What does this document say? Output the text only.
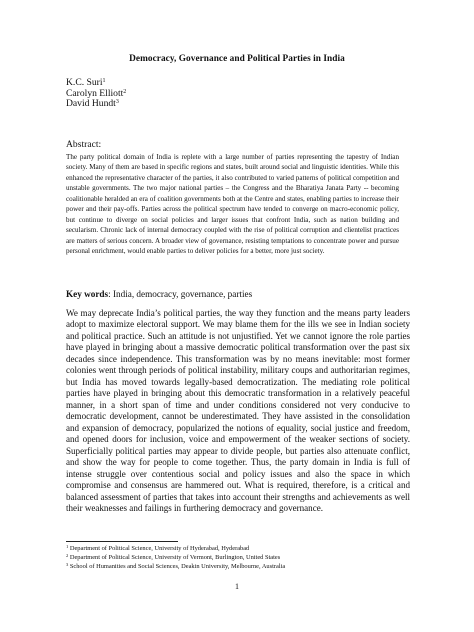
Democracy, Governance and Political Parties in India
K.C. Suri$^1$
Carolyn Elliott$^2$
David Hundt$^3$
Abstract:
The party political domain of India is replete with a large number of parties representing the tapestry of Indian society. Many of them are based in specific regions and states, built around social and linguistic identities. While this enhanced the representative character of the parties, it also contributed to varied patterns of political competition and unstable governments. The two major national parties – the Congress and the Bharatiya Janata Party -- becoming coalitionable heralded an era of coalition governments both at the Centre and states, enabling parties to increase their power and their pay-offs. Parties across the political spectrum have tended to converge on macro-economic policy, but continue to diverge on social policies and larger issues that confront India, such as nation building and secularism. Chronic lack of internal democracy coupled with the rise of political corruption and clientelist practices are matters of serious concern. A broader view of governance, resisting temptations to concentrate power and pursue personal enrichment, would enable parties to deliver policies for a better, more just society.
Key words: India, democracy, governance, parties
We may deprecate India’s political parties, the way they function and the means party leaders adopt to maximize electoral support. We may blame them for the ills we see in Indian society and political practice. Such an attitude is not unjustified. Yet we cannot ignore the role parties have played in bringing about a massive democratic political transformation over the past six decades since independence. This transformation was by no means inevitable: most former colonies went through periods of political instability, military coups and authoritarian regimes, but India has moved towards legally-based democratization. The mediating role political parties have played in bringing about this democratic transformation in a relatively peaceful manner, in a short span of time and under conditions considered not very conducive to democratic development, cannot be underestimated. They have assisted in the consolidation and expansion of democracy, popularized the notions of equality, social justice and freedom, and opened doors for inclusion, voice and empowerment of the weaker sections of society. Superficially political parties may appear to divide people, but parties also attenuate conflict, and show the way for people to come together. Thus, the party domain in India is full of intense struggle over contentious social and policy issues and also the space in which compromise and consensus are hammered out. What is required, therefore, is a critical and balanced assessment of parties that takes into account their strengths and achievements as well their weaknesses and failings in furthering democracy and governance.
$^1$ Department of Political Science, University of Hyderabad, Hyderabad
$^2$ Department of Political Science, University of Vermont, Burlington, United States
$^3$ School of Humanities and Social Sciences, Deakin University, Melbourne, Australia
1
